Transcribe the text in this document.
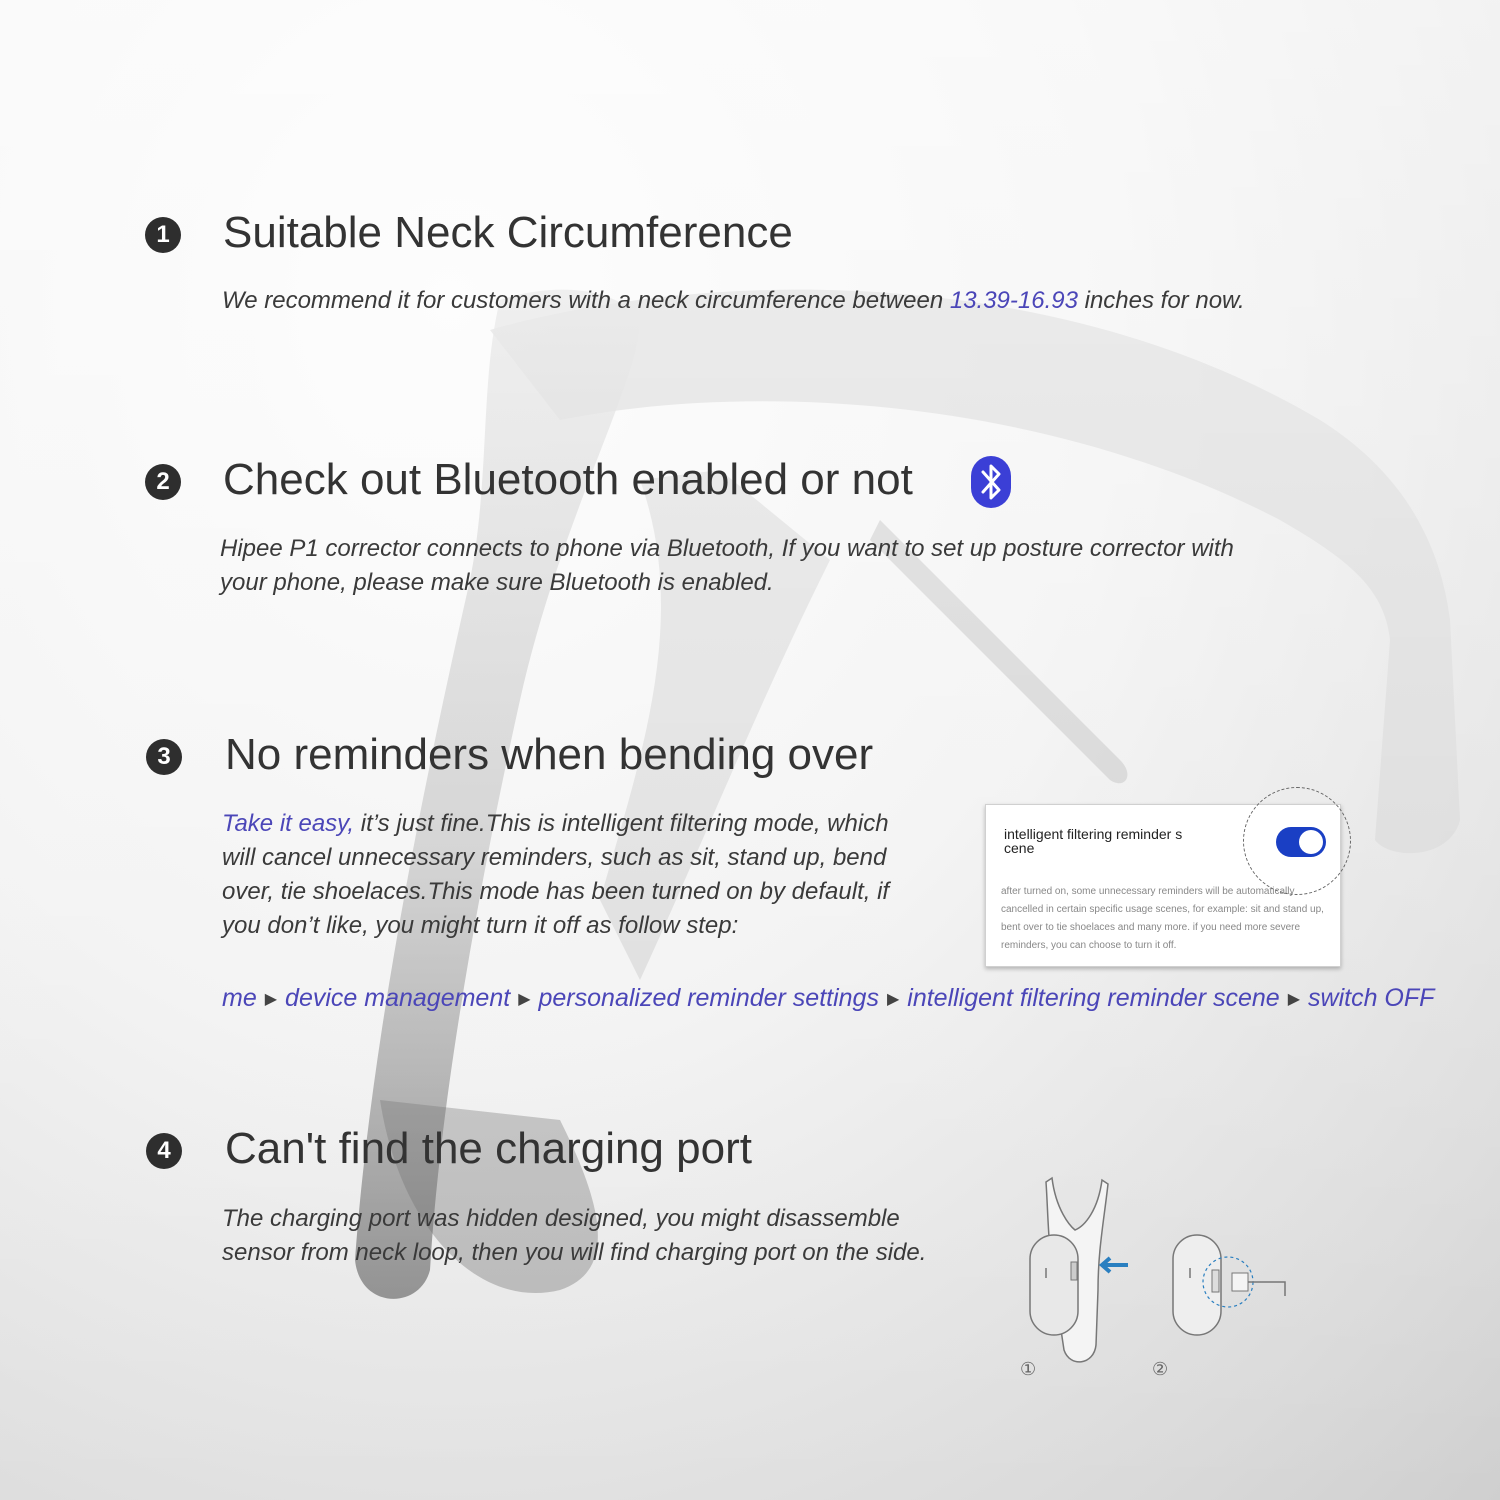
1 Suitable Neck Circumference
We recommend it for customers with a neck circumference between 13.39-16.93 inches for now.
2 Check out Bluetooth enabled or not
Hipee P1 corrector connects to phone via Bluetooth, If you want to set up posture corrector with your phone, please make sure Bluetooth is enabled.
3 No reminders when bending over
Take it easy, it’s just fine.This is intelligent filtering mode, which will cancel unnecessary reminders, such as sit, stand up, bend over, tie shoelaces.This mode has been turned on by default, if you don’t like, you might turn it off as follow step:
me ▶ device management ▶ personalized reminder settings ▶ intelligent filtering reminder scene ▶ switch OFF
intelligent filtering reminder s cene
after turned on, some unnecessary reminders will be automatically cancelled in certain specific usage scenes, for example: sit and stand up, bent over to tie shoelaces and many more. if you need more severe reminders, you can choose to turn it off.
4 Can't find the charging port
The charging port was hidden designed, you might disassemble sensor from neck loop, then you will find charging port on the side.
①	②
